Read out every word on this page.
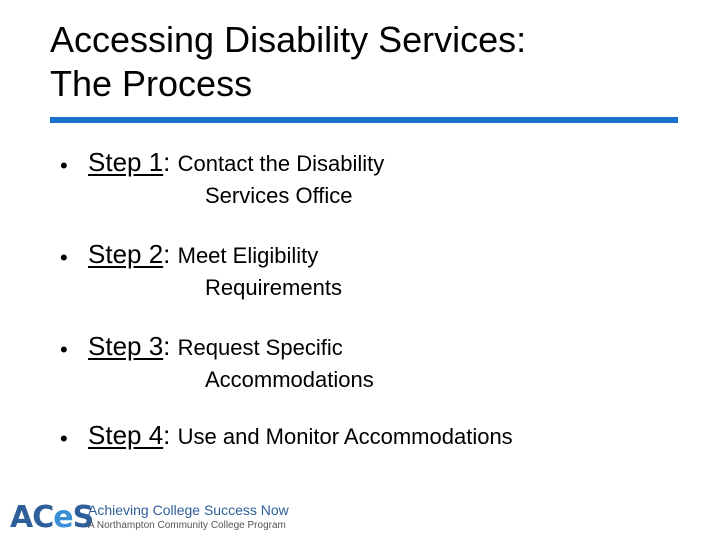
Accessing Disability Services:
The Process
• Step 1: Contact the Disability
Services Office
• Step 2: Meet Eligibility
Requirements
• Step 3: Request Specific
Accommodations
• Step 4: Use and Monitor Accommodations
ACeS
Achieving College Success Now
A Northampton Community College Program
